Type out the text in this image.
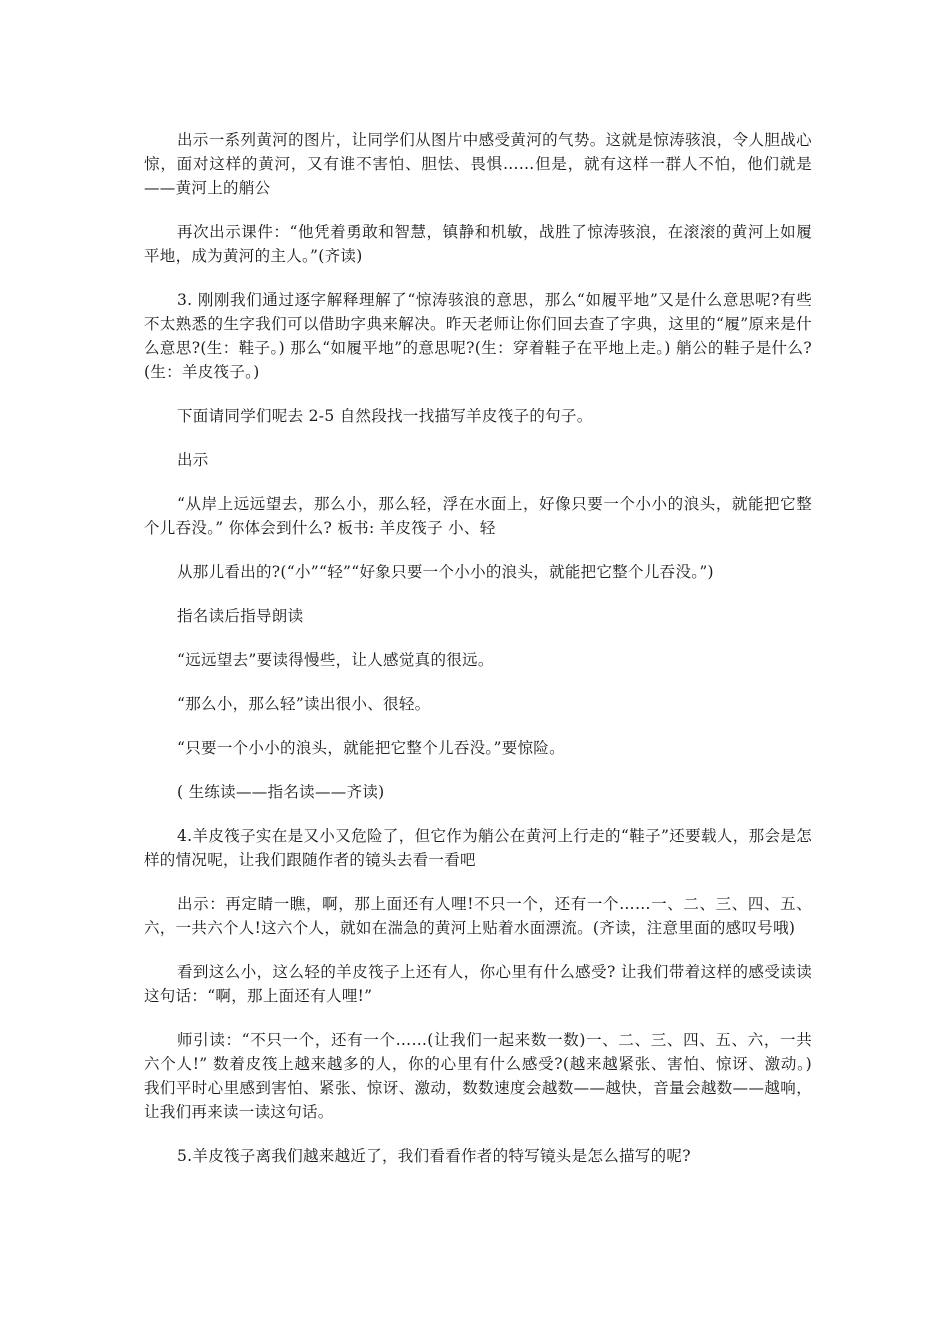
出示一系列黄河的图片，让同学们从图片中感受黄河的气势。这就是惊涛骇浪，令人胆战心惊，面对这样的黄河，又有谁不害怕、胆怯、畏惧……但是，就有这样一群人不怕，他们就是——黄河上的艄公

再次出示课件：“他凭着勇敢和智慧，镇静和机敏，战胜了惊涛骇浪，在滚滚的黄河上如履平地，成为黄河的主人。”(齐读)

3. 刚刚我们通过逐字解释理解了“惊涛骇浪的意思，那么“如履平地”又是什么意思呢?有些不太熟悉的生字我们可以借助字典来解决。昨天老师让你们回去查了字典，这里的“履”原来是什么意思?(生：鞋子。) 那么“如履平地”的意思呢?(生：穿着鞋子在平地上走。) 艄公的鞋子是什么?(生：羊皮筏子。)

下面请同学们呢去 2-5 自然段找一找描写羊皮筏子的句子。

出示

“从岸上远远望去，那么小，那么轻，浮在水面上，好像只要一个小小的浪头，就能把它整个儿吞没。” 你体会到什么? 板书: 羊皮筏子 小、轻

从那儿看出的?(“小”“轻”“好象只要一个小小的浪头，就能把它整个儿吞没。”)

指名读后指导朗读

“远远望去”要读得慢些，让人感觉真的很远。

“那么小，那么轻”读出很小、很轻。

“只要一个小小的浪头，就能把它整个儿吞没。”要惊险。

( 生练读——指名读——齐读)

4.羊皮筏子实在是又小又危险了，但它作为艄公在黄河上行走的“鞋子”还要载人，那会是怎样的情况呢，让我们跟随作者的镜头去看一看吧

出示：再定睛一瞧，啊，那上面还有人哩!不只一个，还有一个……一、二、三、四、五、六，一共六个人!这六个人，就如在湍急的黄河上贴着水面漂流。(齐读，注意里面的感叹号哦)

看到这么小，这么轻的羊皮筏子上还有人，你心里有什么感受? 让我们带着这样的感受读读这句话：“啊，那上面还有人哩!”

师引读：“不只一个，还有一个……(让我们一起来数一数)一、二、三、四、五、六，一共六个人!” 数着皮筏上越来越多的人，你的心里有什么感受?(越来越紧张、害怕、惊讶、激动。) 我们平时心里感到害怕、紧张、惊讶、激动，数数速度会越数——越快，音量会越数——越响，让我们再来读一读这句话。

5.羊皮筏子离我们越来越近了，我们看看作者的特写镜头是怎么描写的呢?
